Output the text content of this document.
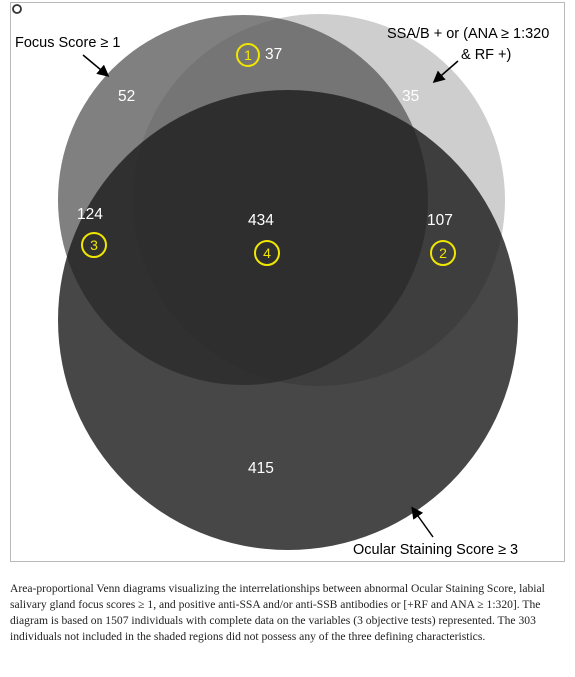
Focus Score ≥ 1
SSA/B + or (ANA ≥ 1:320
& RF +)
Ocular Staining Score ≥ 3
52
37
35
124	434	107
415
1
2
3	4

Area-proportional Venn diagrams visualizing the interrelationships between abnormal Ocular Staining Score, labial salivary gland focus scores ≥ 1, and positive anti-SSA and/or anti-SSB antibodies or [+RF and ANA ≥ 1:320]. The diagram is based on 1507 individuals with complete data on the variables (3 objective tests) represented. The 303 individuals not included in the shaded regions did not possess any of the three defining characteristics.
